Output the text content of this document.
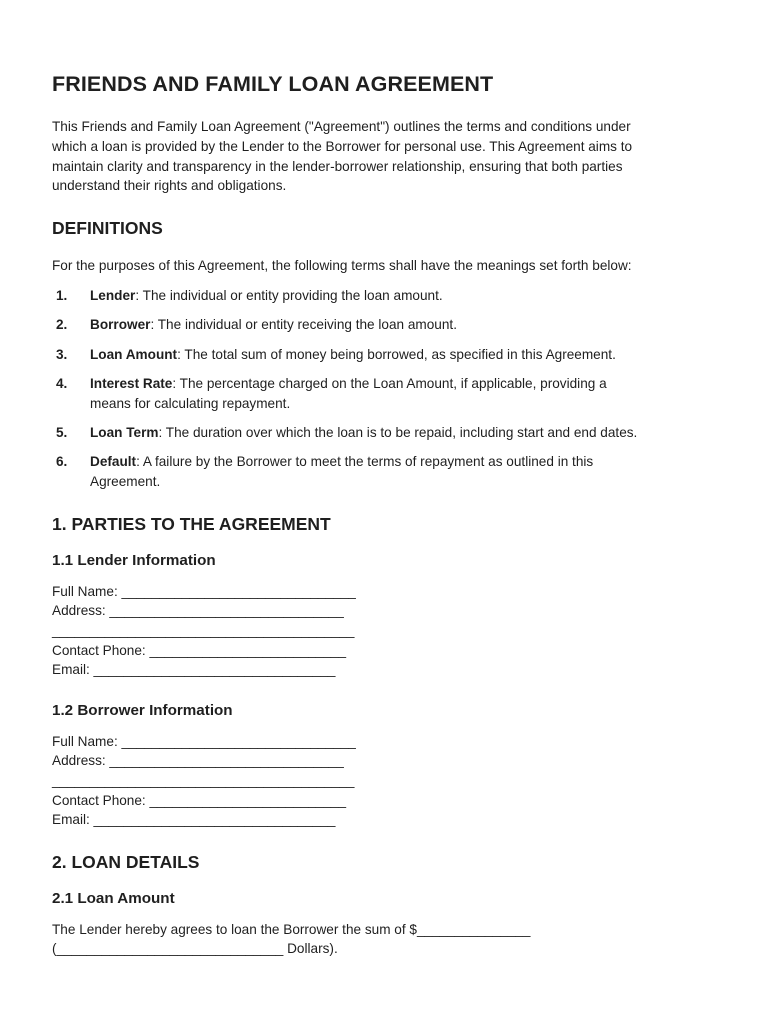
FRIENDS AND FAMILY LOAN AGREEMENT

This Friends and Family Loan Agreement ("Agreement") outlines the terms and conditions under

which a loan is provided by the Lender to the Borrower for personal use. This Agreement aims to

maintain clarity and transparency in the lender-borrower relationship, ensuring that both parties

understand their rights and obligations.

DEFINITIONS

For the purposes of this Agreement, the following terms shall have the meanings set forth below:

1.	Lender: The individual or entity providing the loan amount.
2.	Borrower: The individual or entity receiving the loan amount.
3.	Loan Amount: The total sum of money being borrowed, as specified in this Agreement.
4.	Interest Rate: The percentage charged on the Loan Amount, if applicable, providing a
means for calculating repayment.
5.	Loan Term: The duration over which the loan is to be repaid, including start and end dates.
6.	Default: A failure by the Borrower to meet the terms of repayment as outlined in this
Agreement.
1. PARTIES TO THE AGREEMENT
1.1 Lender Information
Full Name: _______________________________
Address: _______________________________
________________________________________
Contact Phone: __________________________
Email: ________________________________
1.2 Borrower Information
Full Name: _______________________________
Address: _______________________________
________________________________________
Contact Phone: __________________________
Email: ________________________________
2. LOAN DETAILS
2.1 Loan Amount
The Lender hereby agrees to loan the Borrower the sum of $_______________
(______________________________ Dollars).
